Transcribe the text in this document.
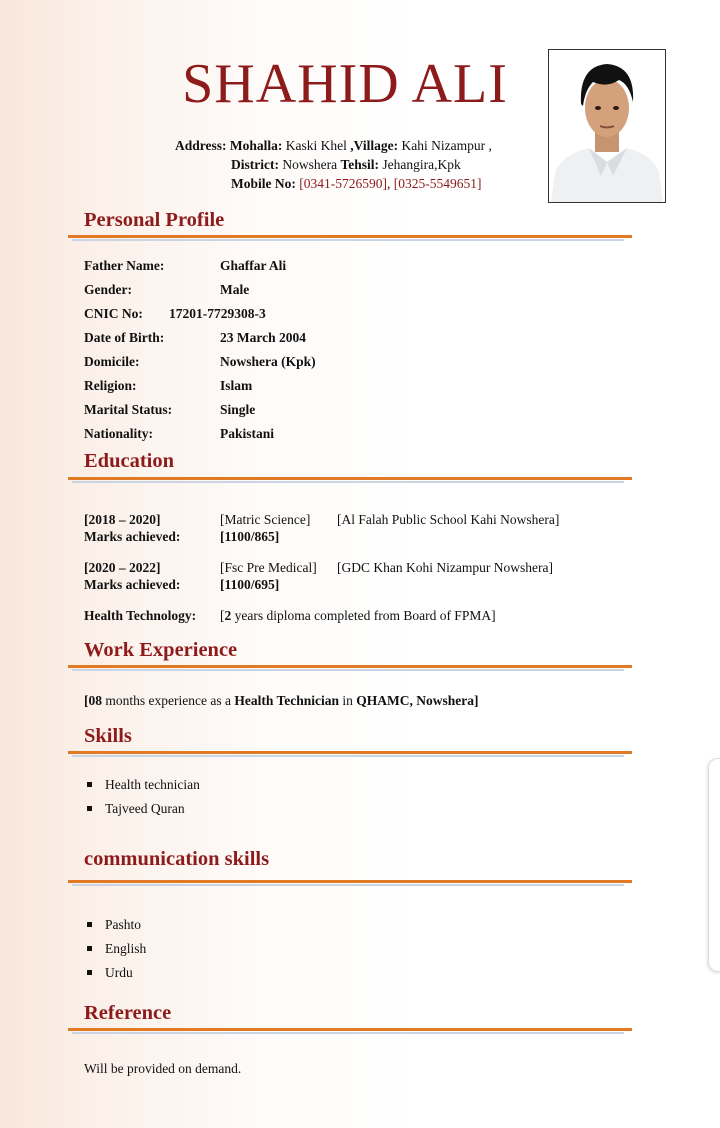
SHAHID ALI
Address: Mohalla: Kaski Khel ,Village: Kahi Nizampur ,
District: Nowshera Tehsil: Jehangira,Kpk
Mobile No: [0341-5726590], [0325-5549651]
Personal Profile
Father Name:	Ghaffar Ali
Gender:	Male
CNIC No: 17201-7729308-3
Date of Birth:	23 March 2004
Domicile:	Nowshera (Kpk)
Religion:	Islam
Marital Status:	Single
Nationality:	Pakistani
Education
[2018 – 2020]	[Matric Science] [Al Falah Public School Kahi Nowshera]
Marks achieved:	[1100/865]
[2020 – 2022]	[Fsc Pre Medical] [GDC Khan Kohi Nizampur Nowshera]
Marks achieved:	[1100/695]
Health Technology: [2 years diploma completed from Board of FPMA]
Work Experience
[08 months experience as a Health Technician in QHAMC, Nowshera]
Skills
Health technician
Tajveed Quran
communication skills
Pashto
English
Urdu
Reference
Will be provided on demand.
